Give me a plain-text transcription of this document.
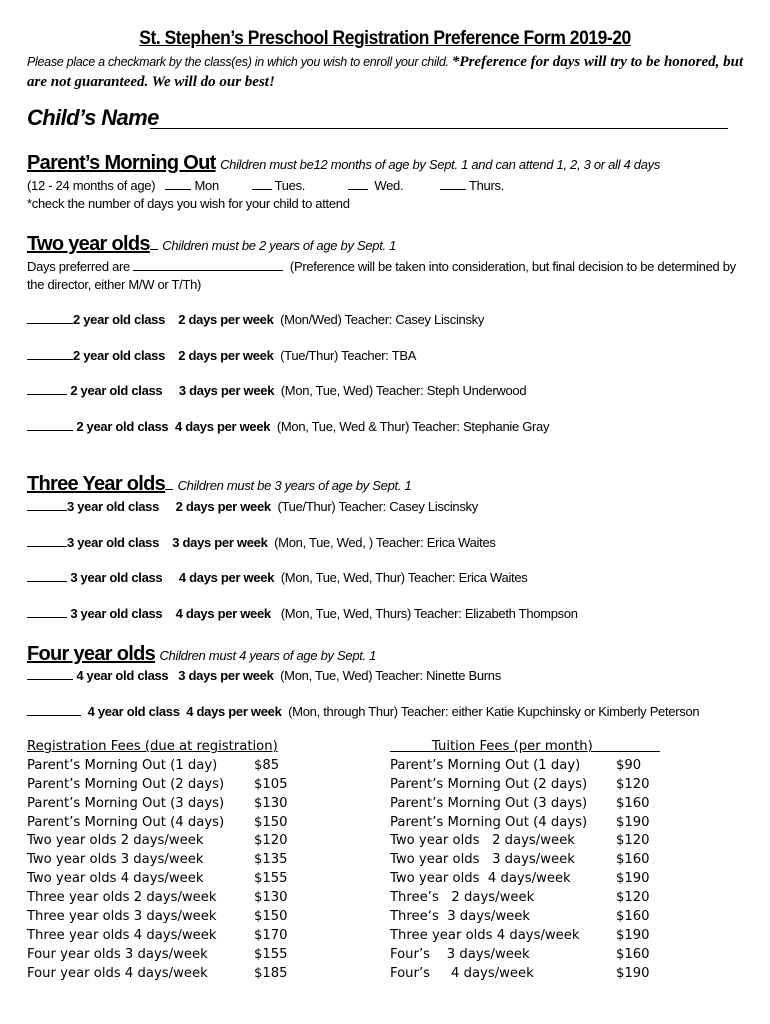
St. Stephen’s Preschool Registration Preference Form 2019-20
Please place a checkmark by the class(es) in which you wish to enroll your child. *Preference for days will try to be honored, but are not guaranteed. We will do our best!
Child’s Name
Parent’s Morning Out Children must be12 months of age by Sept. 1 and can attend 1, 2, 3 or all 4 days
(12 - 24 months of age)	Mon	Tues.	Wed.	Thurs.
*check the number of days you wish for your child to attend
Two year olds Children must be 2 years of age by Sept. 1
Days preferred are	(Preference will be taken into consideration, but final decision to be determined by
the director, either M/W or T/Th)
2 year old class 2 days per week (Mon/Wed) Teacher: Casey Liscinsky
2 year old class 2 days per week (Tue/Thur) Teacher: TBA
2 year old class 3 days per week (Mon, Tue, Wed) Teacher: Steph Underwood
2 year old class 4 days per week (Mon, Tue, Wed & Thur) Teacher: Stephanie Gray
Three Year olds Children must be 3 years of age by Sept. 1
3 year old class 2 days per week (Tue/Thur) Teacher: Casey Liscinsky
3 year old class 3 days per week (Mon, Tue, Wed, ) Teacher: Erica Waites
3 year old class 4 days per week (Mon, Tue, Wed, Thur) Teacher: Erica Waites
3 year old class 4 days per week (Mon, Tue, Wed, Thurs) Teacher: Elizabeth Thompson
Four year olds Children must 4 years of age by Sept. 1
4 year old class 3 days per week (Mon, Tue, Wed) Teacher: Ninette Burns
4 year old class 4 days per week (Mon, through Thur) Teacher: either Katie Kupchinsky or Kimberly Peterson
Registration Fees (due at registration)
Parent’s Morning Out (1 day)	$85
Parent’s Morning Out (2 days) $105
Parent’s Morning Out (3 days) $130
Parent’s Morning Out (4 days) $150
Two year olds 2 days/week	$120
Two year olds 3 days/week	$135
Two year olds 4 days/week	$155
Three year olds 2 days/week	$130
Three year olds 3 days/week	$150
Three year olds 4 days/week	$170
Four year olds 3 days/week	$155
Four year olds 4 days/week	$185
Tuition Fees (per month)
Parent’s Morning Out (1 day)	$90
Parent’s Morning Out (2 days) $120
Parent’s Morning Out (3 days) $160
Parent’s Morning Out (4 days) $190
Two year olds   2 days/week	$120
Two year olds   3 days/week	$160
Two year olds  4 days/week	$190
Three’s   2 days/week	$120
Three‘s  3 days/week	$160
Three year olds 4 days/week	$190
Four’s    3 days/week	$160
Four’s     4 days/week	$190
